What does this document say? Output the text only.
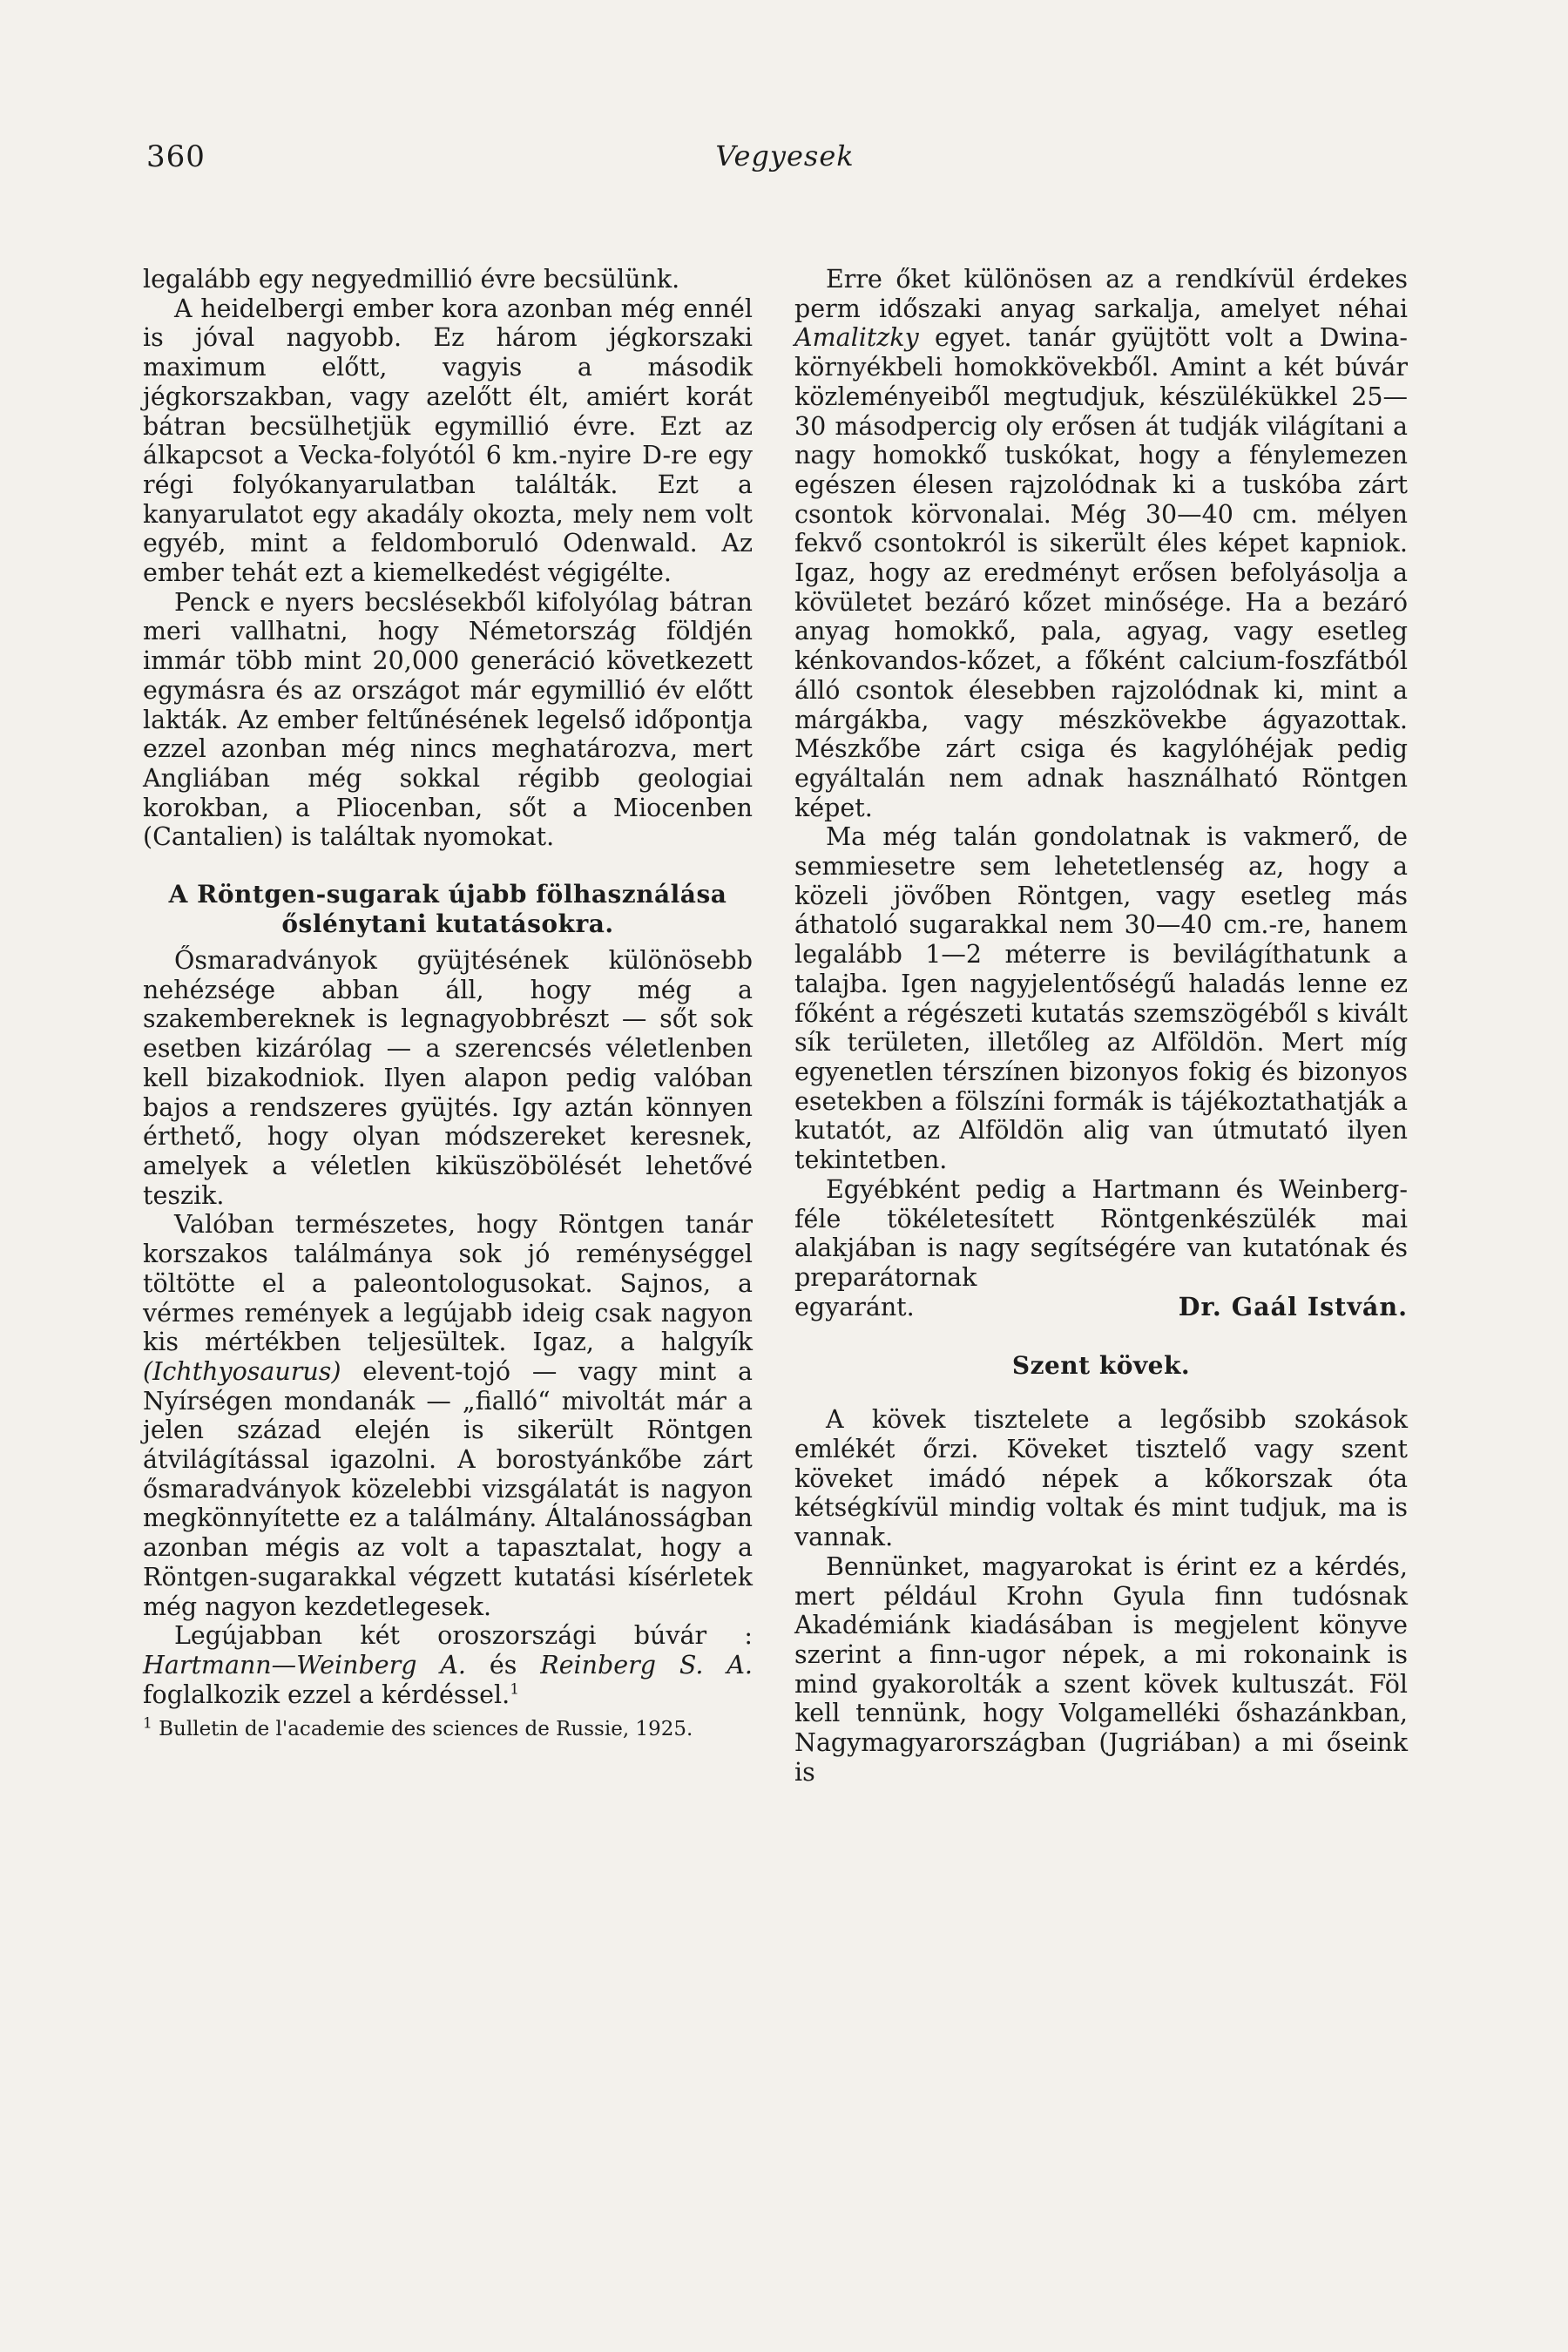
360	Vegyesek

legalább egy negyedmillió évre becsülünk.

A heidelbergi ember kora azonban még ennél is jóval nagyobb. Ez három jégkorszaki maximum előtt, vagyis a második jégkorszakban, vagy azelőtt élt, amiért korát bátran becsülhetjük egymillió évre. Ezt az álkapcsot a Vecka-folyótól 6 km.-nyire D-re egy régi folyókanyarulatban találták. Ezt a kanyarulatot egy akadály okozta, mely nem volt egyéb, mint a feldomboruló Odenwald. Az ember tehát ezt a kiemelkedést végigélte.

Penck e nyers becslésekből kifolyólag bátran meri vallhatni, hogy Németország földjén immár több mint 20,000 generáció következett egymásra és az országot már egymillió év előtt lakták. Az ember feltűnésének legelső időpontja ezzel azonban még nincs meghatározva, mert Angliában még sokkal régibb geologiai korokban, a Pliocenban, sőt a Miocenben (Cantalien) is találtak nyomokat.

A Röntgen-sugarak újabb fölhasználása őslénytani kutatásokra.

Ősmaradványok gyüjtésének különösebb nehézsége abban áll, hogy még a szakembereknek is legnagyobbrészt — sőt sok esetben kizárólag — a szerencsés véletlenben kell bizakodniok. Ilyen alapon pedig valóban bajos a rendszeres gyüjtés. Igy aztán könnyen érthető, hogy olyan módszereket keresnek, amelyek a véletlen kiküszöbölését lehetővé teszik.

Valóban természetes, hogy Röntgen tanár korszakos találmánya sok jó reménységgel töltötte el a paleontologusokat. Sajnos, a vérmes remények a legújabb ideig csak nagyon kis mértékben teljesültek. Igaz, a halgyík (Ichthyosaurus) elevent-tojó — vagy mint a Nyírségen mondanák — „fialló“ mivoltát már a jelen század elején is sikerült Röntgen átvilágítással igazolni. A borostyánkőbe zárt ősmaradványok közelebbi vizsgálatát is nagyon megkönnyítette ez a találmány. Általánosságban azonban mégis az volt a tapasztalat, hogy a Röntgen-sugarakkal végzett kutatási kísérletek még nagyon kezdetlegesek.

Legújabban két oroszországi búvár : Hartmann—Weinberg A. és Reinberg S. A. foglalkozik ezzel a kérdéssel.$^1$

$^1$ Bulletin de l'academie des sciences de Russie, 1925.

Erre őket különösen az a rendkívül érdekes perm időszaki anyag sarkalja, amelyet néhai Amalitzky egyet. tanár gyüjtött volt a Dwina-környékbeli homokkövekből. Amint a két búvár közleményeiből megtudjuk, készülékükkel 25—30 másodpercig oly erősen át tudják világítani a nagy homokkő tuskókat, hogy a fénylemezen egészen élesen rajzolódnak ki a tuskóba zárt csontok körvonalai. Még 30—40 cm. mélyen fekvő csontokról is sikerült éles képet kapniok. Igaz, hogy az eredményt erősen befolyásolja a kövületet bezáró kőzet minősége. Ha a bezáró anyag homokkő, pala, agyag, vagy esetleg kénkovandos-kőzet, a főként calcium-foszfátból álló csontok élesebben rajzolódnak ki, mint a márgákba, vagy mészkövekbe ágyazottak. Mészkőbe zárt csiga és kagylóhéjak pedig egyáltalán nem adnak használható Röntgen képet.

Ma még talán gondolatnak is vakmerő, de semmiesetre sem lehetetlenség az, hogy a közeli jövőben Röntgen, vagy esetleg más áthatoló sugarakkal nem 30—40 cm.-re, hanem legalább 1—2 méterre is bevilágíthatunk a talajba. Igen nagyjelentőségű haladás lenne ez főként a régészeti kutatás szemszögéből s kivált sík területen, illetőleg az Alföldön. Mert míg egyenetlen térszínen bizonyos fokig és bizonyos esetekben a fölszíni formák is tájékoztathatják a kutatót, az Alföldön alig van útmutató ilyen tekintetben.

Egyébként pedig a Hartmann és Weinberg-féle tökéletesített Röntgenkészülék mai alakjában is nagy segítségére van kutatónak és preparátornak

egyaránt.	Dr. Gaál István.
Szent kövek.

A kövek tisztelete a legősibb szokások emlékét őrzi. Köveket tisztelő vagy szent köveket imádó népek a kőkorszak óta kétségkívül mindig voltak és mint tudjuk, ma is vannak.

Bennünket, magyarokat is érint ez a kérdés, mert például Krohn Gyula finn tudósnak Akadémiánk kiadásában is megjelent könyve szerint a finn-ugor népek, a mi rokonaink is mind gyakorolták a szent kövek kultuszát. Föl kell tennünk, hogy Volgamelléki őshazánkban, Nagymagyarországban (Jugriában) a mi őseink is
